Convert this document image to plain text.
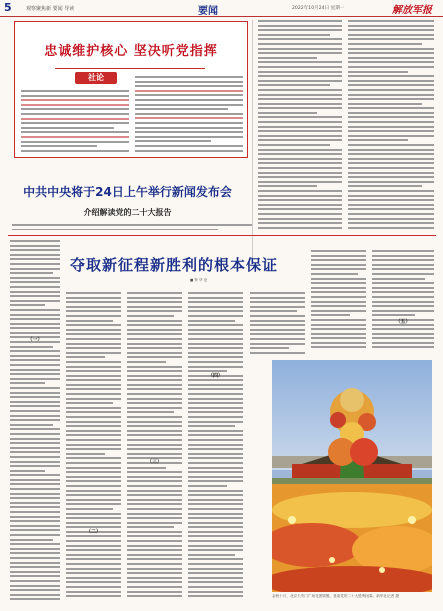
5	观察聚焦新 要闻 导读	要闻	2022年10月24日 星期一	解放军报
忠诚维护核心 坚决听党指挥
社论
中共中央将于24日上午举行新闻发布会
介绍解读党的二十大报告
夺取新征程新胜利的根本保证
■ 钟 华 论
（一）
（二）
（三）
（四）
（五）
金秋十月，北京天安门广场花团锦簇，喜迎党的二十大胜利闭幕。新华社记者 摄
